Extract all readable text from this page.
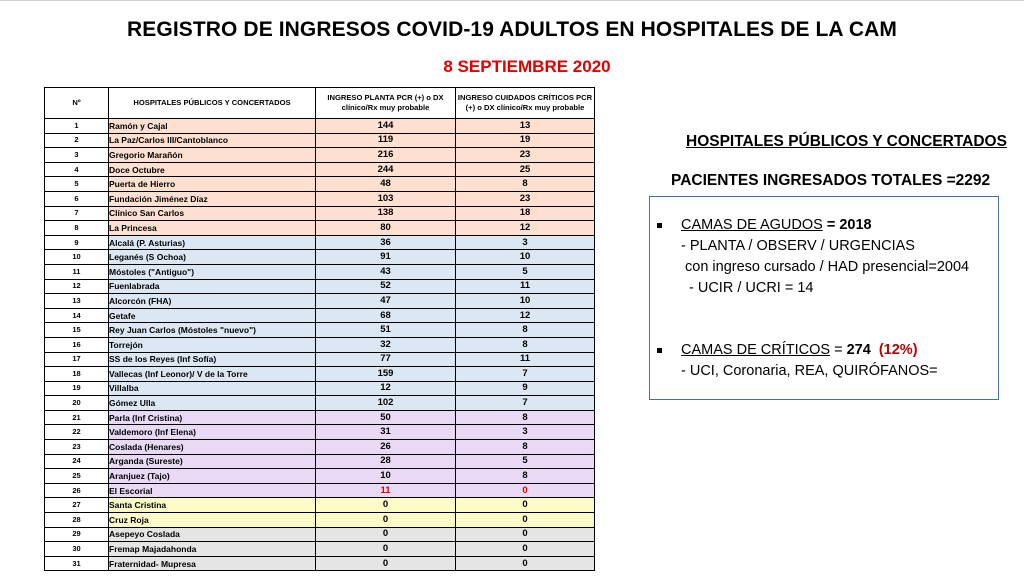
REGISTRO DE INGRESOS COVID-19 ADULTOS EN HOSPITALES DE LA CAM
8 SEPTIEMBRE 2020
Nº	HOSPITALES PÚBLICOS Y CONCERTADOS	INGRESO PLANTA PCR (+) o DX clínico/Rx muy probable	INGRESO CUIDADOS CRÍTICOS PCR (+) o DX clínico/Rx muy probable
1	Ramón y Cajal	144	13
2	La Paz/Carlos III/Cantoblanco	119	19
3	Gregorio Marañón	216	23
4	Doce Octubre	244	25
5	Puerta de Hierro	48	8
6	Fundación Jiménez Díaz	103	23
7	Clínico San Carlos	138	18
8	La Princesa	80	12
9	Alcalá (P. Asturias)	36	3
10	Leganés (S Ochoa)	91	10
11	Móstoles ("Antiguo")	43	5
12	Fuenlabrada	52	11
13	Alcorcón (FHA)	47	10
14	Getafe	68	12
15	Rey Juan Carlos (Móstoles "nuevo")	51	8
16	Torrejón	32	8
17	SS de los Reyes (Inf Sofía)	77	11
18	Vallecas (Inf Leonor)/ V de la Torre	159	7
19	Villalba	12	9
20	Gómez Ulla	102	7
21	Parla (Inf Cristina)	50	8
22	Valdemoro (Inf Elena)	31	3
23	Coslada (Henares)	26	8
24	Arganda (Sureste)	28	5
25	Aranjuez (Tajo)	10	8
26	El Escorial	11	0
27	Santa Cristina	0	0
28	Cruz Roja	0	0
29	Asepeyo Coslada	0	0
30	Fremap Majadahonda	0	0
31	Fraternidad- Mupresa	0	0
HOSPITALES PÚBLICOS Y CONCERTADOS
PACIENTES INGRESADOS TOTALES =2292
CAMAS DE AGUDOS = 2018
- PLANTA / OBSERV / URGENCIAS
con ingreso cursado / HAD presencial=2004
- UCIR / UCRI = 14
CAMAS DE CRÍTICOS = 274 (12%)
- UCI, Coronaria, REA, QUIRÓFANOS=
